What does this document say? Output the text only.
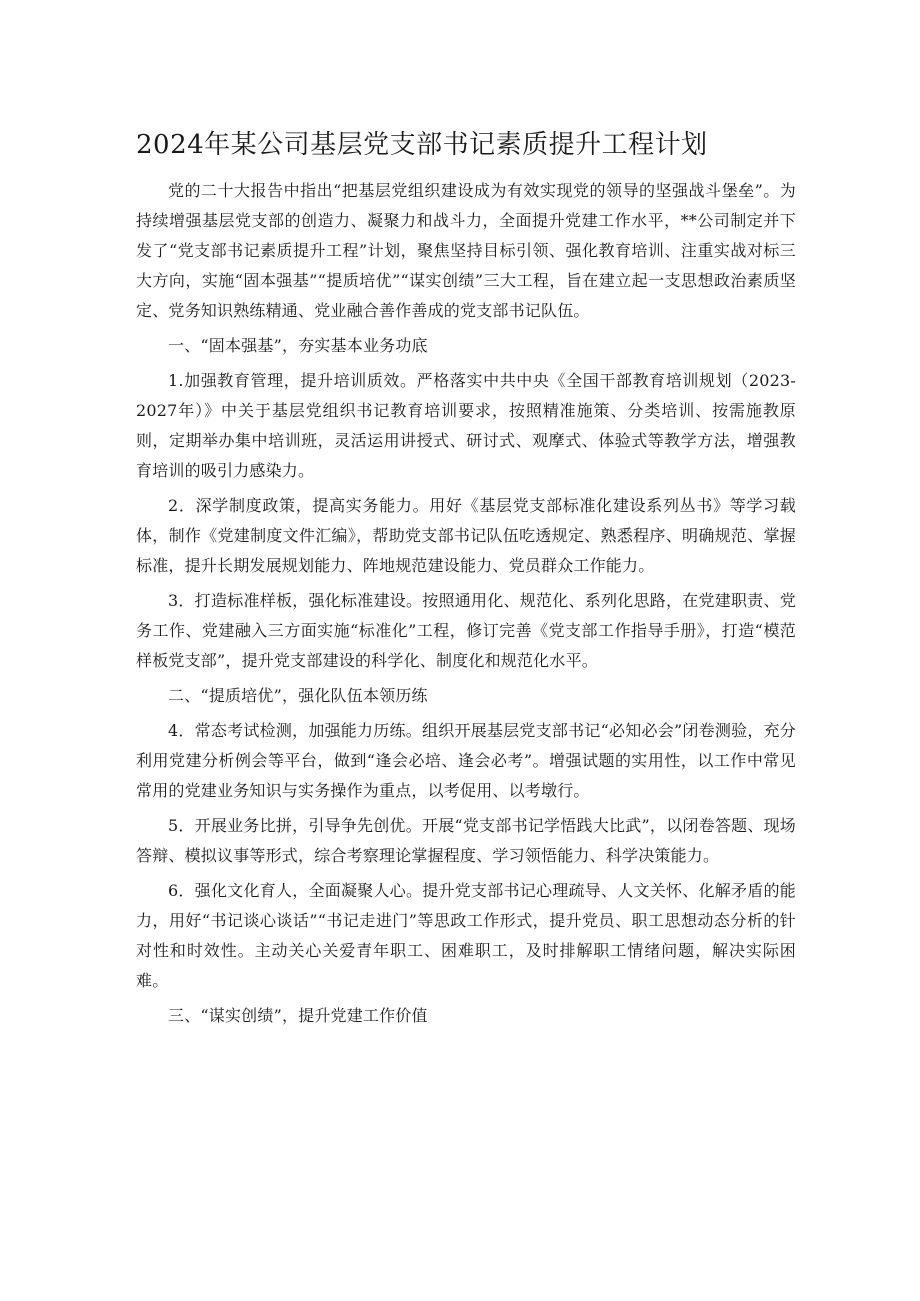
2024年某公司基层党支部书记素质提升工程计划

党的二十大报告中指出“把基层党组织建设成为有效实现党的领导的坚强战斗堡垒”。为持续增强基层党支部的创造力、凝聚力和战斗力，全面提升党建工作水平，**公司制定并下发了“党支部书记素质提升工程”计划，聚焦坚持目标引领、强化教育培训、注重实战对标三大方向，实施“固本强基”“提质培优”“谋实创绩”三大工程，旨在建立起一支思想政治素质坚定、党务知识熟练精通、党业融合善作善成的党支部书记队伍。

一、“固本强基”，夯实基本业务功底

1.加强教育管理，提升培训质效。严格落实中共中央《全国干部教育培训规划（2023-2027年）》中关于基层党组织书记教育培训要求，按照精准施策、分类培训、按需施教原则，定期举办集中培训班，灵活运用讲授式、研讨式、观摩式、体验式等教学方法，增强教育培训的吸引力感染力。

2．深学制度政策，提高实务能力。用好《基层党支部标准化建设系列丛书》等学习载体，制作《党建制度文件汇编》，帮助党支部书记队伍吃透规定、熟悉程序、明确规范、掌握标准，提升长期发展规划能力、阵地规范建设能力、党员群众工作能力。

3．打造标准样板，强化标准建设。按照通用化、规范化、系列化思路，在党建职责、党务工作、党建融入三方面实施“标准化”工程，修订完善《党支部工作指导手册》，打造“模范样板党支部”，提升党支部建设的科学化、制度化和规范化水平。

二、“提质培优”，强化队伍本领历练

4．常态考试检测，加强能力历练。组织开展基层党支部书记“必知必会”闭卷测验，充分利用党建分析例会等平台，做到“逢会必培、逢会必考”。增强试题的实用性，以工作中常见常用的党建业务知识与实务操作为重点，以考促用、以考墩行。

5．开展业务比拼，引导争先创优。开展“党支部书记学悟践大比武”，以闭卷答题、现场答辩、模拟议事等形式，综合考察理论掌握程度、学习领悟能力、科学决策能力。

6．强化文化育人，全面凝聚人心。提升党支部书记心理疏导、人文关怀、化解矛盾的能力，用好“书记谈心谈话”“书记走进门”等思政工作形式，提升党员、职工思想动态分析的针对性和时效性。主动关心关爱青年职工、困难职工，及时排解职工情绪问题，解决实际困难。

三、“谋实创绩”，提升党建工作价值
